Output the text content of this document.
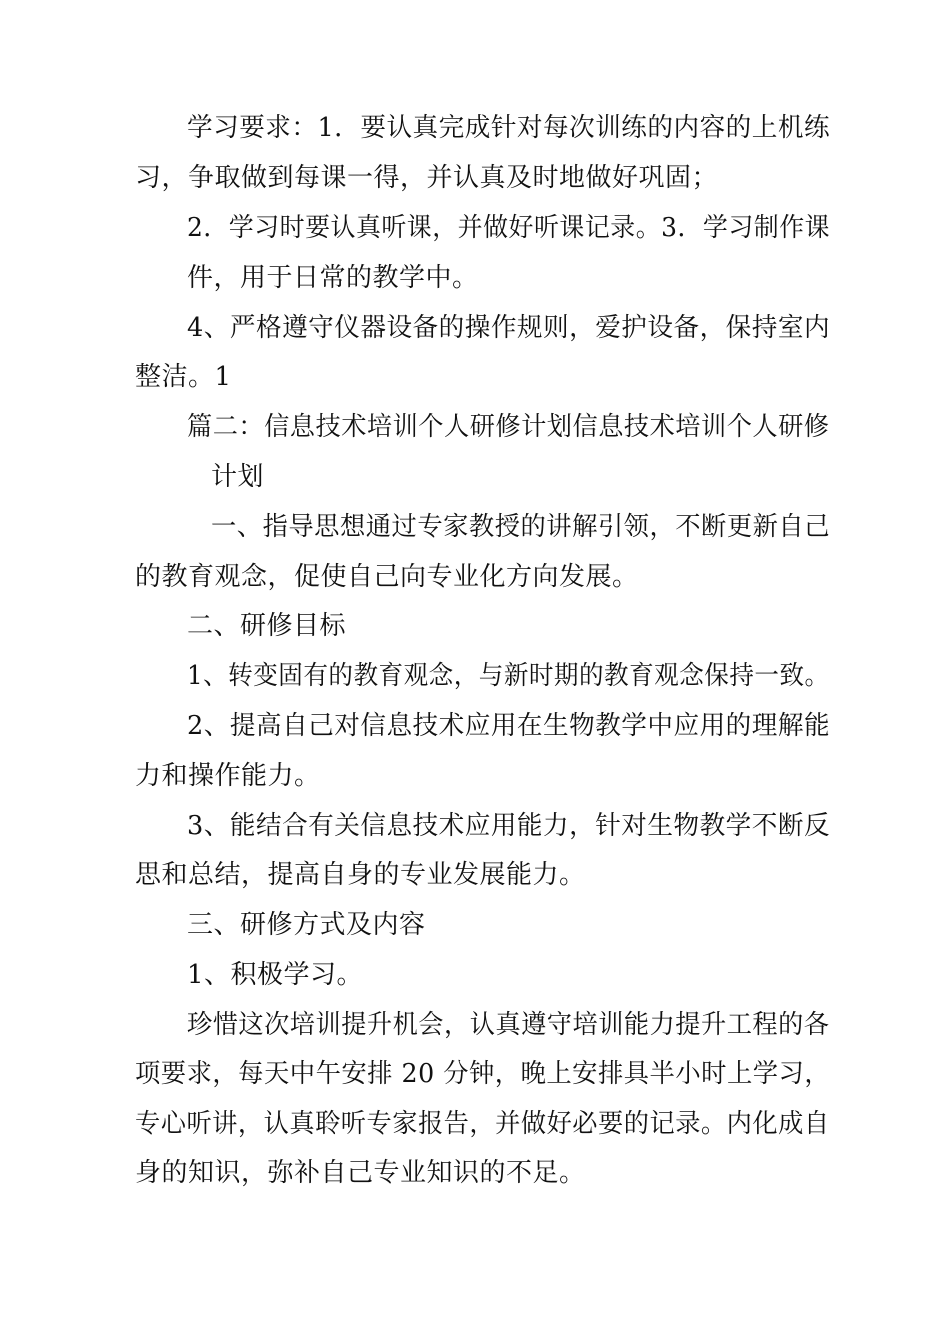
学习要求：1．要认真完成针对每次训练的内容的上机练
习，争取做到每课一得，并认真及时地做好巩固；
2．学习时要认真听课，并做好听课记录。3．学习制作课
件，用于日常的教学中。
4、严格遵守仪器设备的操作规则，爱护设备，保持室内
整洁。1
篇二：信息技术培训个人研修计划信息技术培训个人研修
计划
一、指导思想通过专家教授的讲解引领，不断更新自己
的教育观念，促使自己向专业化方向发展。
二、研修目标
1、转变固有的教育观念，与新时期的教育观念保持一致。
2、提高自己对信息技术应用在生物教学中应用的理解能
力和操作能力。
3、能结合有关信息技术应用能力，针对生物教学不断反
思和总结，提高自身的专业发展能力。
三、研修方式及内容
1、积极学习。
珍惜这次培训提升机会，认真遵守培训能力提升工程的各
项要求，每天中午安排 20 分钟，晚上安排具半小时上学习，
专心听讲，认真聆听专家报告，并做好必要的记录。内化成自
身的知识，弥补自己专业知识的不足。
